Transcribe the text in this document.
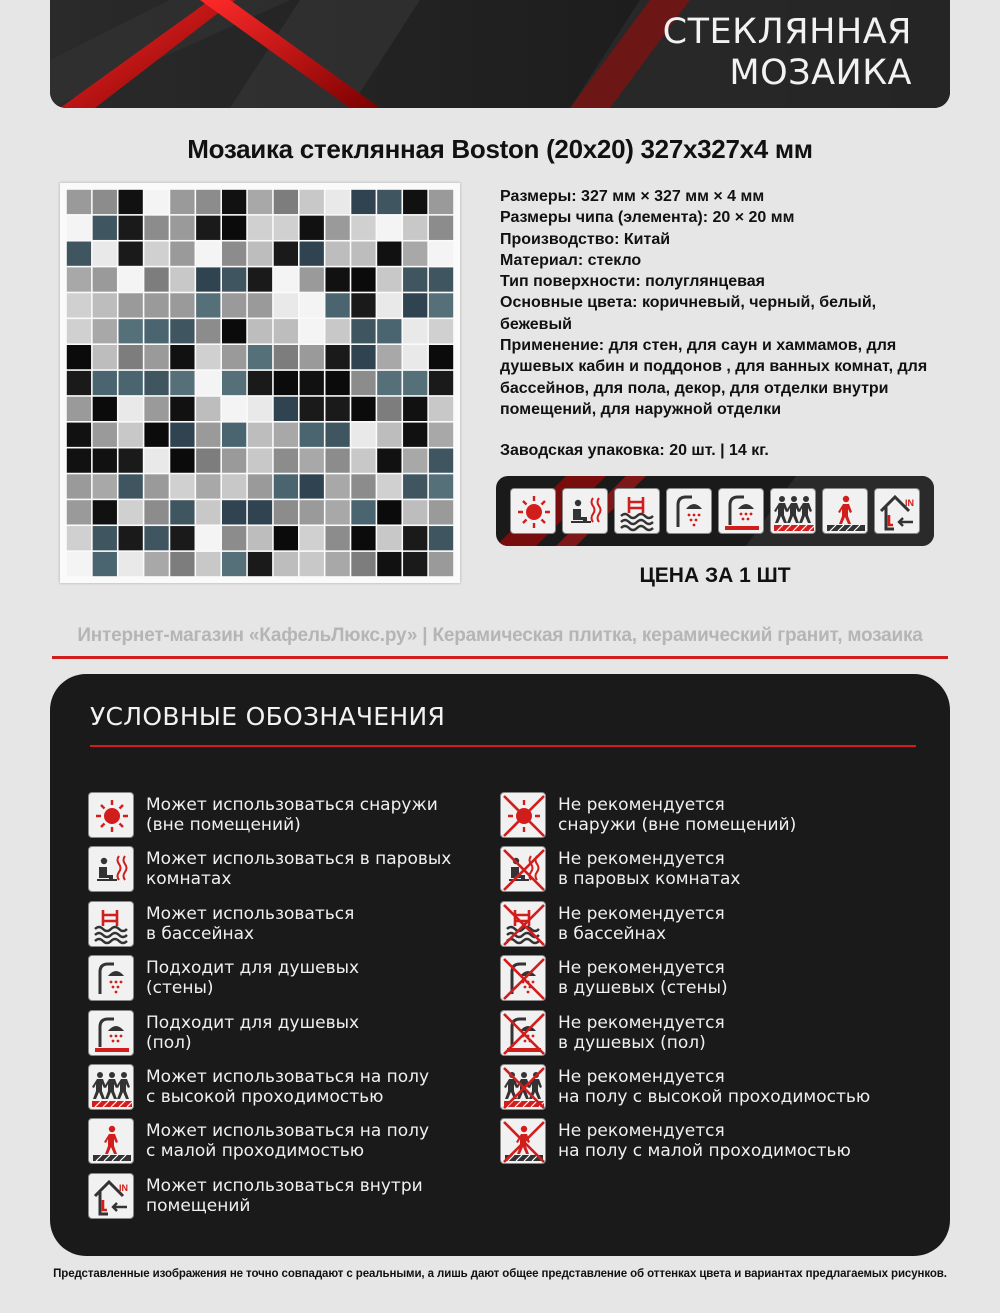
СТЕКЛЯННАЯ
МОЗАИКА
Мозаика стеклянная Boston (20x20) 327x327x4 мм
Размеры: 327 мм × 327 мм × 4 мм
Размеры чипа (элемента): 20 × 20 мм
Производство: Китай
Материал: стекло
Тип поверхности: полуглянцевая
Основные цвета: коричневый, черный, белый,
бежевый
Применение: для стен, для саун и хаммамов, для
душевых кабин и поддонов , для ванных комнат, для
бассейнов, для пола, декор, для отделки внутри
помещений, для наружной отделки
Заводская упаковка: 20 шт. | 14 кг.
IN
ЦЕНА ЗА 1 ШТ
Интернет-магазин «КафельЛюкс.ру» | Керамическая плитка, керамический гранит, мозаика
УСЛОВНЫЕ ОБОЗНАЧЕНИЯ
Может использоваться снаружи
(вне помещений)
Может использоваться в паровых
комнатах
Может использоваться
в бассейнах
Подходит для душевых
(стены)
Подходит для душевых
(пол)
Может использоваться на полу
с высокой проходимостью
Может использоваться на полу
с малой проходимостью
IN Может использоваться внутри
помещений
Не рекомендуется
снаружи (вне помещений)
Не рекомендуется
в паровых комнатах
Не рекомендуется
в бассейнах
Не рекомендуется
в душевых (стены)
Не рекомендуется
в душевых (пол)
Не рекомендуется
на полу с высокой проходимостью
Не рекомендуется
на полу с малой проходимостью
Представленные изображения не точно совпадают с реальными, а лишь дают общее представление об оттенках цвета и вариантах предлагаемых рисунков.
